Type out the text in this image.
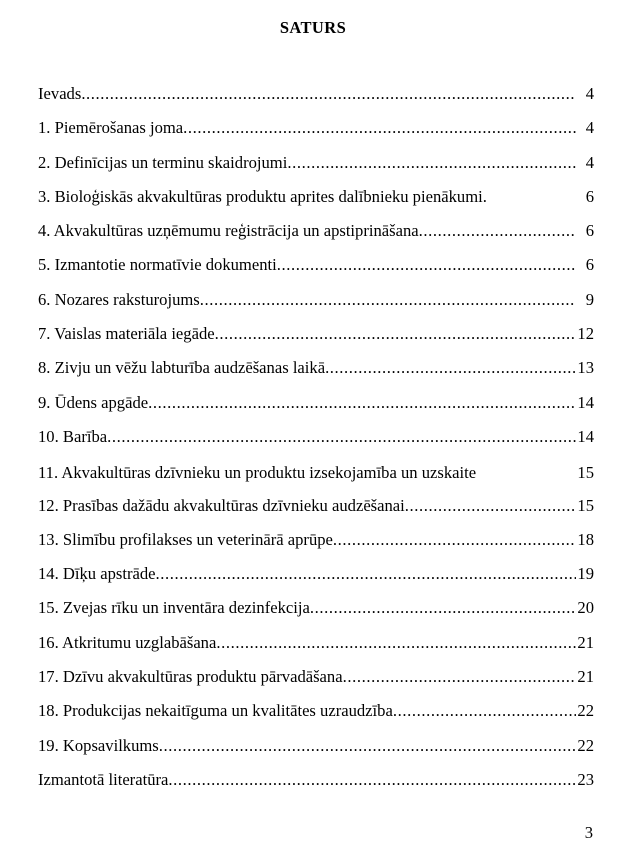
SATURS
Ievads .....	4
1. Piemērošanas joma .....	4
2. Definīcijas un terminu skaidrojumi .....	4
3. Bioloģiskās akvakultūras produktu aprites dalībnieku pienākumi .	6
4. Akvakultūras uzņēmumu reģistrācija un apstiprināšana .....	6
5. Izmantotie normatīvie dokumenti .....	6
6. Nozares raksturojums .....	9
7. Vaislas materiāla iegāde .....	12
8. Zivju un vēžu labturība audzēšanas laikā .....	13
9. Ūdens apgāde .....	14
10. Barība .....	14
11. Akvakultūras dzīvnieku un produktu izsekojamība un uzskaite	15
12. Prasības dažādu akvakultūras dzīvnieku audzēšanai .....	15
13. Slimību profilakses un veterinārā aprūpe .....	18
14. Dīķu apstrāde .....	19
15. Zvejas rīku un inventāra dezinfekcija .....	20
16. Atkritumu uzglabāšana .....	21
17. Dzīvu akvakultūras produktu pārvadāšana .....	21
18. Produkcijas nekaitīguma un kvalitātes uzraudzība .....	22
19. Kopsavilkums .....	22
Izmantotā literatūra .....	23
3
